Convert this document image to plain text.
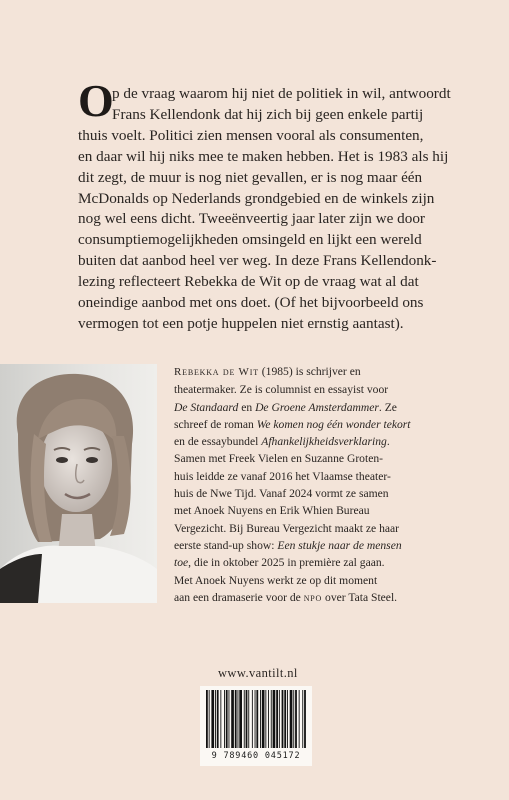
O
p de vraag waarom hij niet de politiek in wil, antwoordt
Frans Kellendonk dat hij zich bij geen enkele partij
thuis voelt. Politici zien mensen vooral als consumenten,
en daar wil hij niks mee te maken hebben. Het is 1983 als hij
dit zegt, de muur is nog niet gevallen, er is nog maar één
McDonalds op Nederlands grondgebied en de winkels zijn
nog wel eens dicht. Tweeënveertig jaar later zijn we door
consumptiemogelijkheden omsingeld en lijkt een wereld
buiten dat aanbod heel ver weg. In deze Frans Kellendonk-
lezing reflecteert Rebekka de Wit op de vraag wat al dat
oneindige aanbod met ons doet. (Of het bijvoorbeeld ons
vermogen tot een potje huppelen niet ernstig aantast).
Rebekka de Wit (1985) is schrijver en
theatermaker. Ze is columnist en essayist voor
De Standaard en De Groene Amsterdammer. Ze
schreef de roman We komen nog één wonder tekort
en de essaybundel Afhankelijkheidsverklaring.
Samen met Freek Vielen en Suzanne Groten-
huis leidde ze vanaf 2016 het Vlaamse theater-
huis de Nwe Tijd. Vanaf 2024 vormt ze samen
met Anoek Nuyens en Erik Whien Bureau
Vergezicht. Bij Bureau Vergezicht maakt ze haar
eerste stand-up show: Een stukje naar de mensen
toe, die in oktober 2025 in première zal gaan.
Met Anoek Nuyens werkt ze op dit moment
aan een dramaserie voor de npo over Tata Steel.
www.vantilt.nl
9 789460 045172
